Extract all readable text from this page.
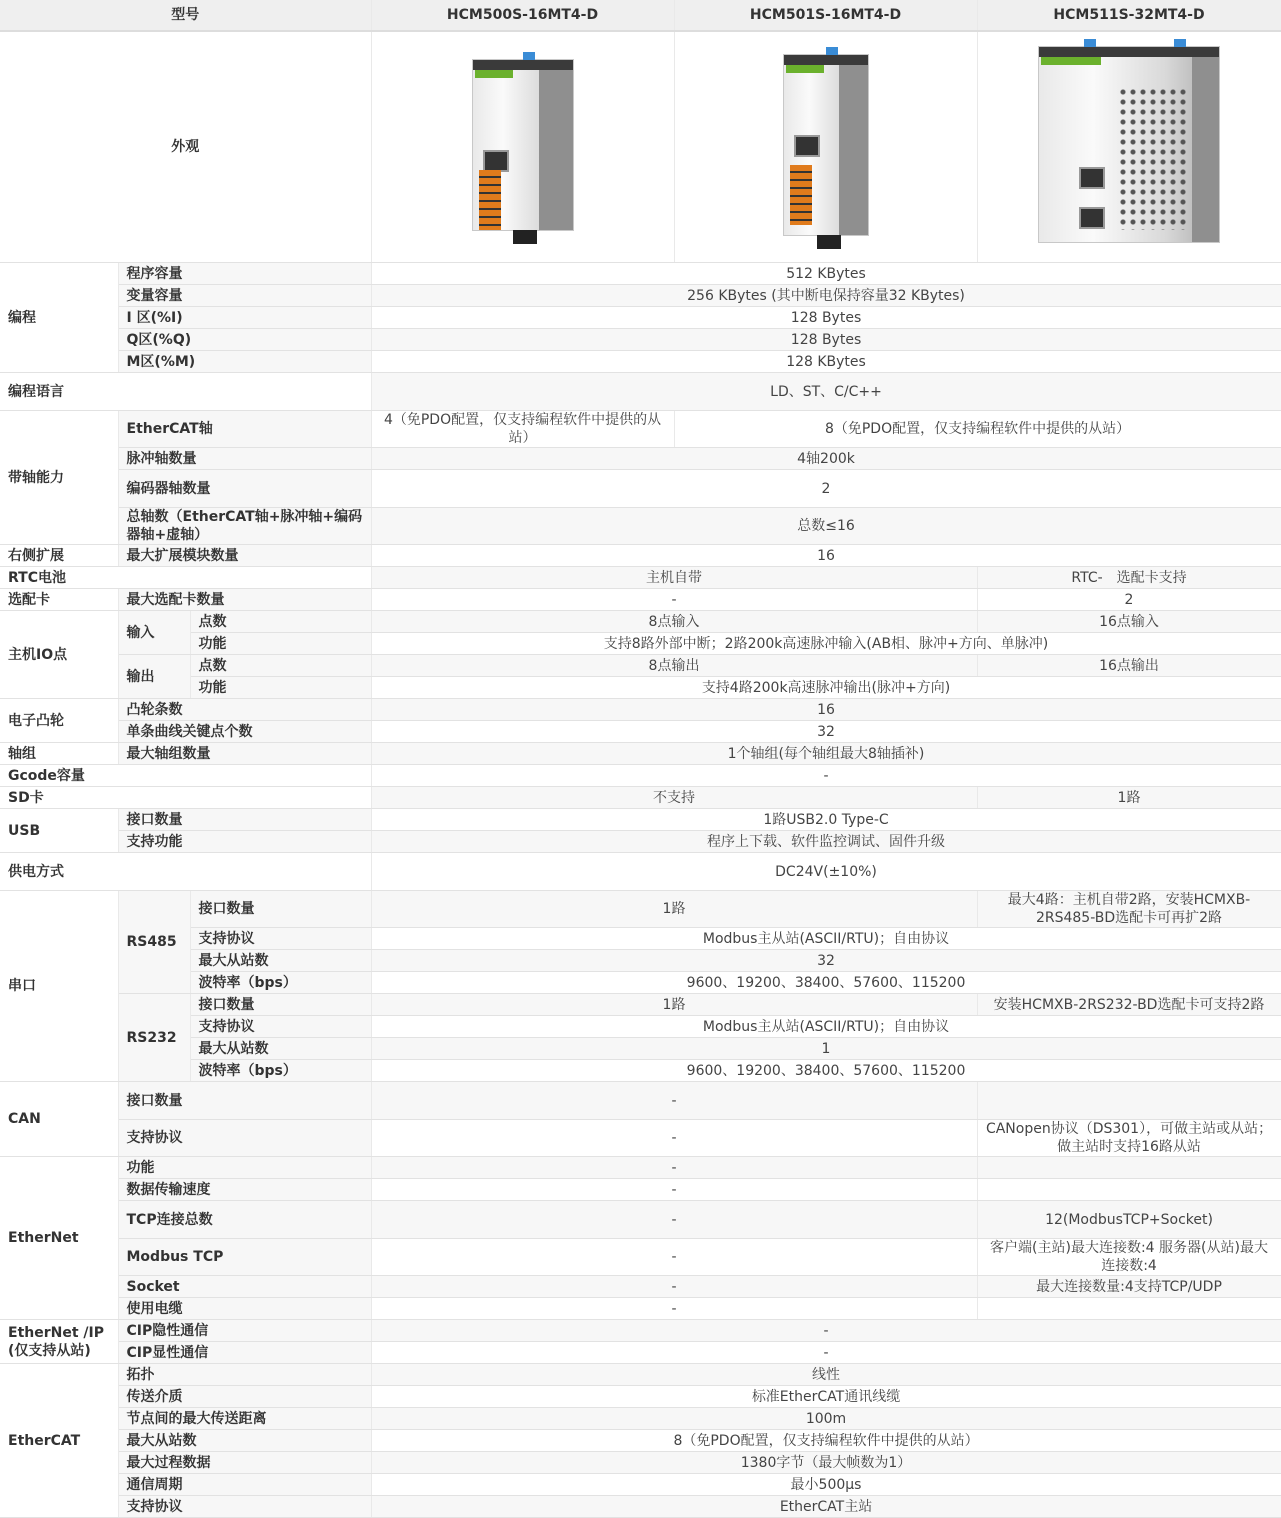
型号			HCM500S-16MT4-D	HCM501S-16MT4-D	HCM511S-32MT4-D
外观			

编程	程序容量		512 KBytes		
	变量容量		256 KBytes (其中断电保持容量32 KBytes)		
	I 区(%I)		128 Bytes		
	Q区(%Q)		128 Bytes		
	M区(%M)		128 KBytes		
编程语言			LD、ST、C/C++		
带轴能力	EtherCAT轴		4（免PDO配置，仅支持编程软件中提供的从站）	8（免PDO配置，仅支持编程软件中提供的从站）	
	脉冲轴数量		4轴200k		
	编码器轴数量		2		
	总轴数（EtherCAT轴+脉冲轴+编码器轴+虚轴）		总数≤16		
右侧扩展	最大扩展模块数量		16		
RTC电池			主机自带		RTC-　选配卡支持
选配卡	最大选配卡数量		-		2
主机IO点	输入	点数	8点输入		16点输入
		功能	支持8路外部中断；2路200k高速脉冲输入(AB相、脉冲+方向、单脉冲)		
	输出	点数	8点输出		16点输出
		功能	支持4路200k高速脉冲输出(脉冲+方向)		
电子凸轮	凸轮条数		16		
	单条曲线关键点个数		32		
轴组	最大轴组数量		1个轴组(每个轴组最大8轴插补)		
Gcode容量			-		
SD卡			不支持		1路
USB	接口数量		1路USB2.0 Type-C		
	支持功能		程序上下载、软件监控调试、固件升级		
供电方式			DC24V(±10%)		
串口	RS485	接口数量	1路		最大4路：主机自带2路，安装HCMXB-2RS485-BD选配卡可再扩2路
		支持协议	Modbus主从站(ASCII/RTU)；自由协议		
		最大从站数	32		
		波特率（bps）	9600、19200、38400、57600、115200		
	RS232	接口数量	1路		安装HCMXB-2RS232-BD选配卡可支持2路
		支持协议	Modbus主从站(ASCII/RTU)；自由协议		
		最大从站数	1		
		波特率（bps）	9600、19200、38400、57600、115200		
CAN	接口数量		-		
	支持协议		-		CANopen协议（DS301），可做主站或从站；做主站时支持16路从站
EtherNet	功能		-		
	数据传输速度		-		
	TCP连接总数		-		12(ModbusTCP+Socket)
	Modbus TCP		-		客户端(主站)最大连接数:4 服务器(从站)最大连接数:4
	Socket		-		最大连接数量:4支持TCP/UDP
	使用电缆		-		
EtherNet /IP (仅支持从站)	CIP隐性通信		-		
	CIP显性通信		-		
EtherCAT	拓扑		线性		
	传送介质		标准EtherCAT通讯线缆		
	节点间的最大传送距离		100m		
	最大从站数		8（免PDO配置，仅支持编程软件中提供的从站）		
	最大过程数据		1380字节（最大帧数为1）		
	通信周期		最小500μs		
	支持协议		EtherCAT主站		
